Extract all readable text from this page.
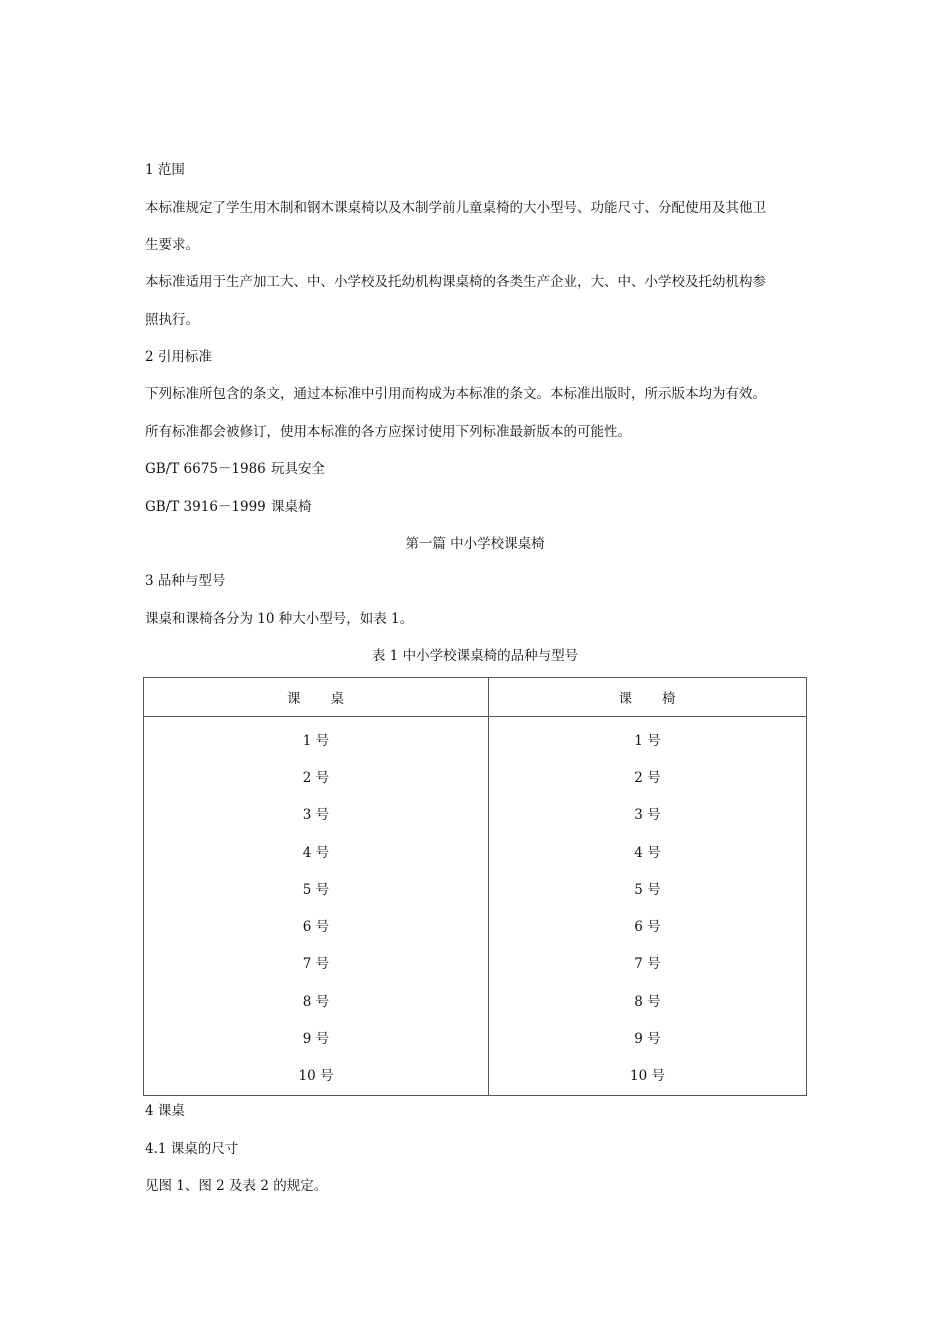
1 范围
本标准规定了学生用木制和钢木课桌椅以及木制学前儿童桌椅的大小型号、功能尺寸、分配使用及其他卫
生要求。
本标准适用于生产加工大、中、小学校及托幼机构课桌椅的各类生产企业，大、中、小学校及托幼机构参
照执行。
2 引用标准
下列标准所包含的条文，通过本标准中引用而构成为本标准的条文。本标准出版时，所示版本均为有效。
所有标准都会被修订，使用本标准的各方应探讨使用下列标准最新版本的可能性。
GB/T 6675－1986 玩具安全
GB/T 3916－1999 课桌椅
第一篇 中小学校课桌椅
3 品种与型号
课桌和课椅各分为 10 种大小型号，如表 1。
表 1 中小学校课桌椅的品种与型号
课　　桌	课　　椅
1 号	1 号
2 号	2 号
3 号	3 号
4 号	4 号
5 号	5 号
6 号	6 号
7 号	7 号
8 号	8 号
9 号	9 号
10 号	10 号
4 课桌
4.1 课桌的尺寸
见图 1、图 2 及表 2 的规定。
